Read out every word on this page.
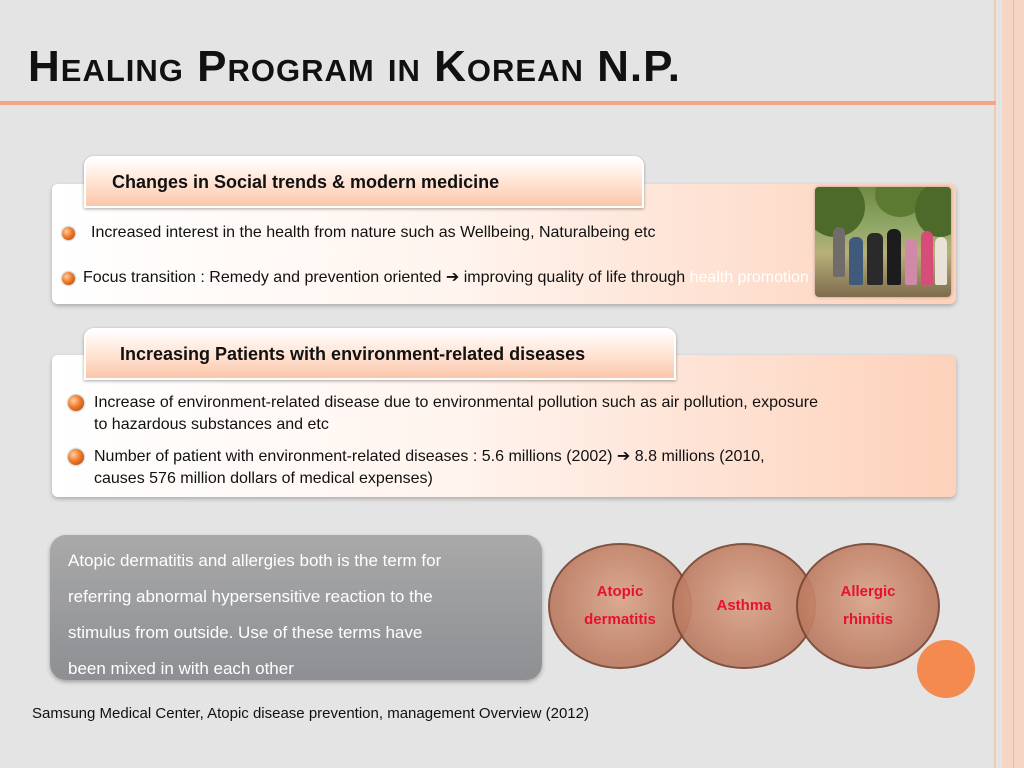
Healing Program in Korean N.P.
Changes in Social trends & modern medicine
Increased interest in the health from nature such as Wellbeing, Naturalbeing etc
Focus transition : Remedy and prevention oriented ➔ improving quality of life through health promotion
Increasing Patients with environment-related diseases
Increase of environment-related disease due to environmental pollution such as air pollution, exposure
to hazardous substances and etc
Number of patient with environment-related diseases : 5.6 millions (2002) ➔ 8.8 millions (2010,
causes 576 million dollars of medical expenses)
Atopic dermatitis and allergies both is the term for
referring abnormal hypersensitive reaction to the
stimulus from outside. Use of these terms have
been mixed in with each other
Atopic
dermatitis
Asthma
Allergic
rhinitis
Samsung Medical Center, Atopic disease prevention, management Overview (2012)
